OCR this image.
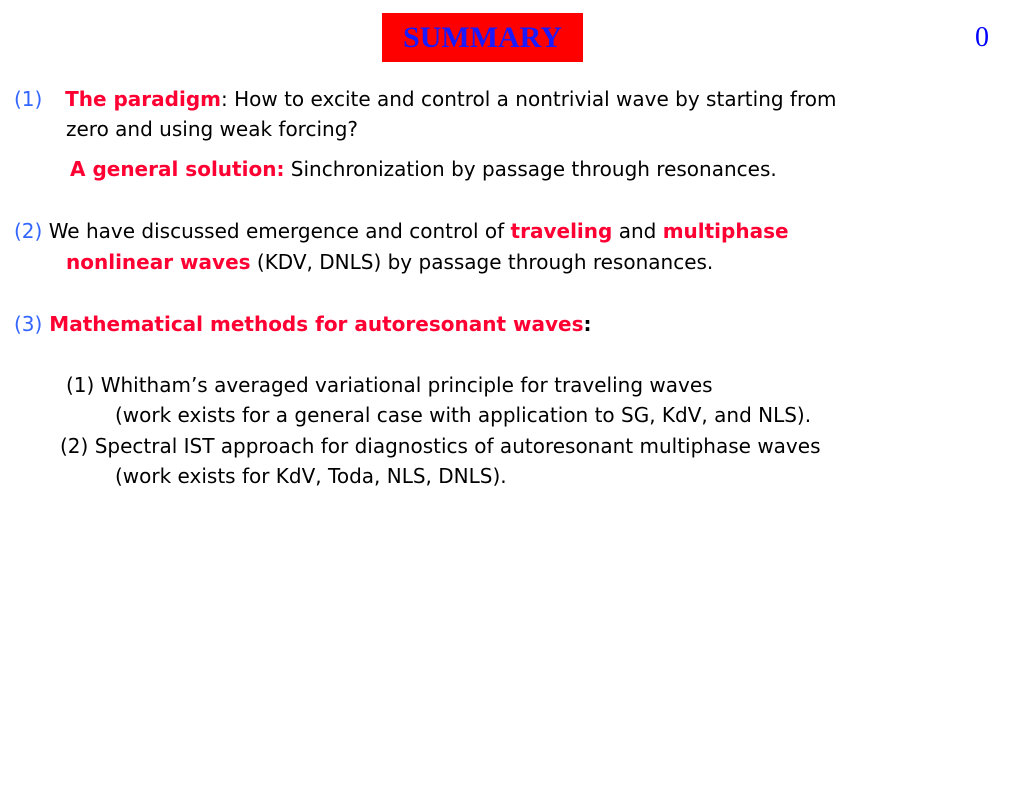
SUMMARY	0
(1) The paradigm: How to excite and control a nontrivial wave by starting from
zero and using weak forcing?
A general solution: Sinchronization by passage through resonances.
(2) We have discussed emergence and control of traveling and multiphase
nonlinear waves (KDV, DNLS) by passage through resonances.
(3) Mathematical methods for autoresonant waves:
(1) Whitham’s averaged variational principle for traveling waves
(work exists for a general case with application to SG, KdV, and NLS).
(2) Spectral IST approach for diagnostics of autoresonant multiphase waves
(work exists for KdV, Toda, NLS, DNLS).
